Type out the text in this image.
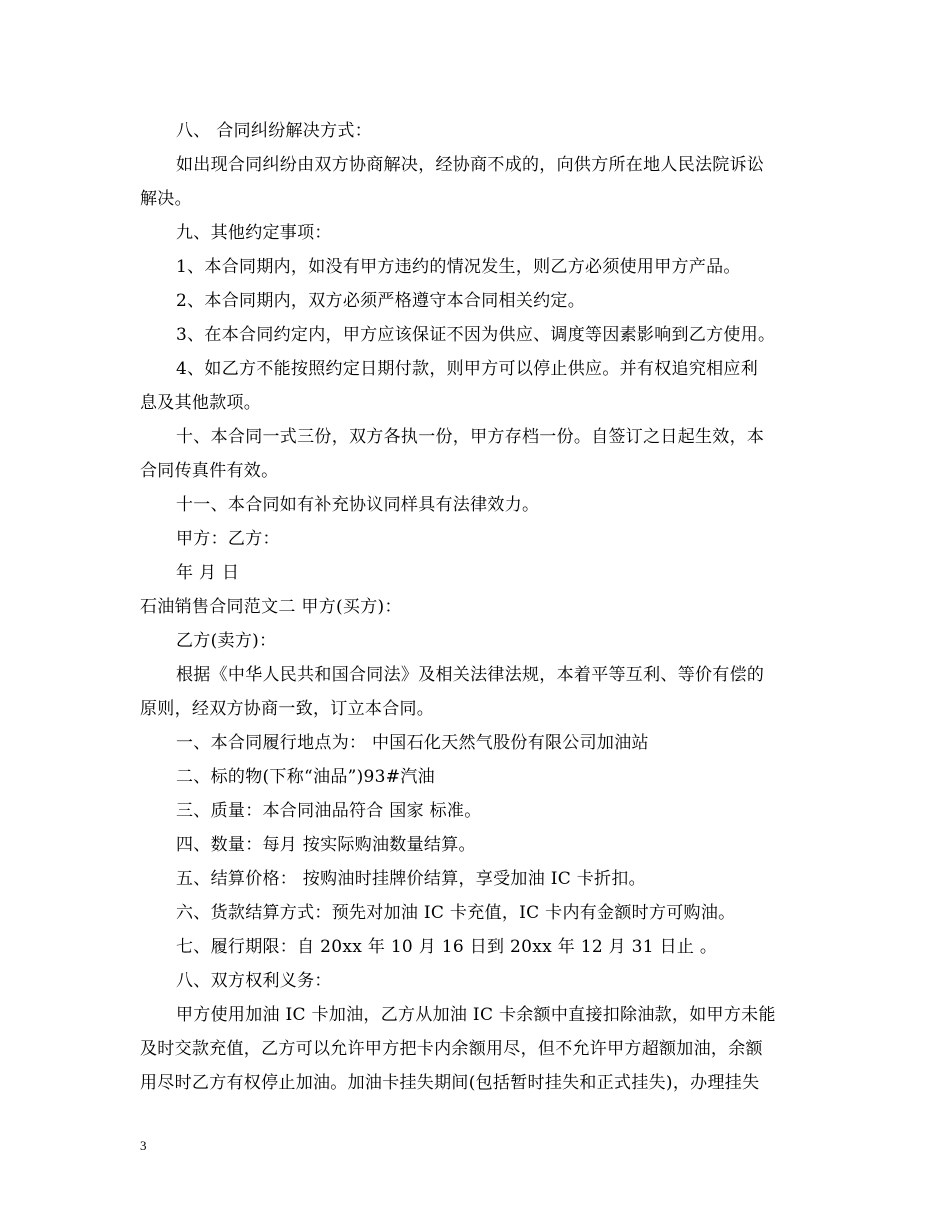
八、 合同纠纷解决方式：
如出现合同纠纷由双方协商解决，经协商不成的，向供方所在地人民法院诉讼
解决。
九、其他约定事项：
1、本合同期内，如没有甲方违约的情况发生，则乙方必须使用甲方产品。
2、本合同期内，双方必须严格遵守本合同相关约定。
3、在本合同约定内，甲方应该保证不因为供应、调度等因素影响到乙方使用。
4、如乙方不能按照约定日期付款，则甲方可以停止供应。并有权追究相应利
息及其他款项。
十、本合同一式三份，双方各执一份，甲方存档一份。自签订之日起生效，本
合同传真件有效。
十一、本合同如有补充协议同样具有法律效力。
甲方：乙方：
年 月 日
石油销售合同范文二 甲方(买方)：
乙方(卖方)：
根据《中华人民共和国合同法》及相关法律法规，本着平等互利、等价有偿的
原则，经双方协商一致，订立本合同。
一、本合同履行地点为： 中国石化天然气股份有限公司加油站
二、标的物(下称“油品”)93#汽油
三、质量：本合同油品符合 国家 标准。
四、数量：每月 按实际购油数量结算。
五、结算价格： 按购油时挂牌价结算，享受加油 IC 卡折扣。
六、货款结算方式：预先对加油 IC 卡充值，IC 卡内有金额时方可购油。
七、履行期限：自 20xx 年 10 月 16 日到 20xx 年 12 月 31 日止 。
八、双方权利义务：
甲方使用加油 IC 卡加油，乙方从加油 IC 卡余额中直接扣除油款，如甲方未能
及时交款充值，乙方可以允许甲方把卡内余额用尽，但不允许甲方超额加油，余额
用尽时乙方有权停止加油。加油卡挂失期间(包括暂时挂失和正式挂失)，办理挂失
3
